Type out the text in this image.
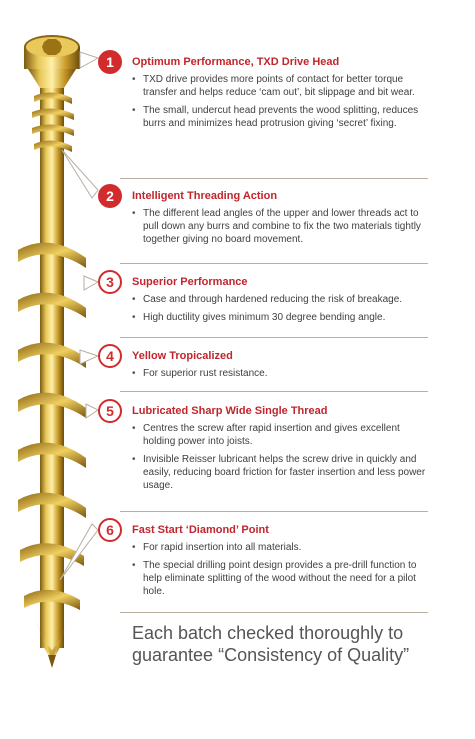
1	Optimum Performance, TXD Drive Head
• TXD drive provides more points of contact for better torque transfer and helps reduce ‘cam out’, bit slippage and bit wear.
• The small, undercut head prevents the wood splitting, reduces burrs and minimizes head protrusion giving ‘secret’ fixing.
2	Intelligent Threading Action
• The different lead angles of the upper and lower threads act to pull down any burrs and combine to fix the two materials tightly together giving no board movement.
3	Superior Performance
• Case and through hardened reducing the risk of breakage.
• High ductility gives minimum 30 degree bending angle.
4	Yellow Tropicalized
• For superior rust resistance.
5	Lubricated Sharp Wide Single Thread
• Centres the screw after rapid insertion and gives excellent holding power into joists.
• Invisible Reisser lubricant helps the screw drive in quickly and easily, reducing board friction for faster insertion and less power usage.
6	Fast Start ‘Diamond’ Point
• For rapid insertion into all materials.
• The special drilling point design provides a pre-drill function to help eliminate splitting of the wood without the need for a pilot hole.
Each batch checked thoroughly to
guarantee “Consistency of Quality”
